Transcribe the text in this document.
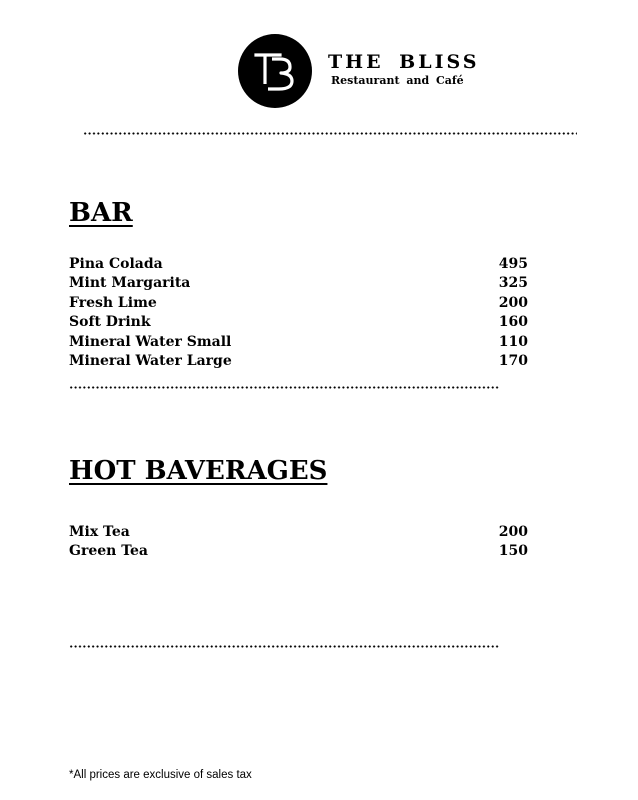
THE BLISS
Restaurant and Café
BAR
Pina Colada	495
Mint Margarita	325
Fresh Lime	200
Soft Drink	160
Mineral Water Small	110
Mineral Water Large	170
HOT BAVERAGES
Mix Tea	200
Green Tea	150
*All prices are exclusive of sales tax
